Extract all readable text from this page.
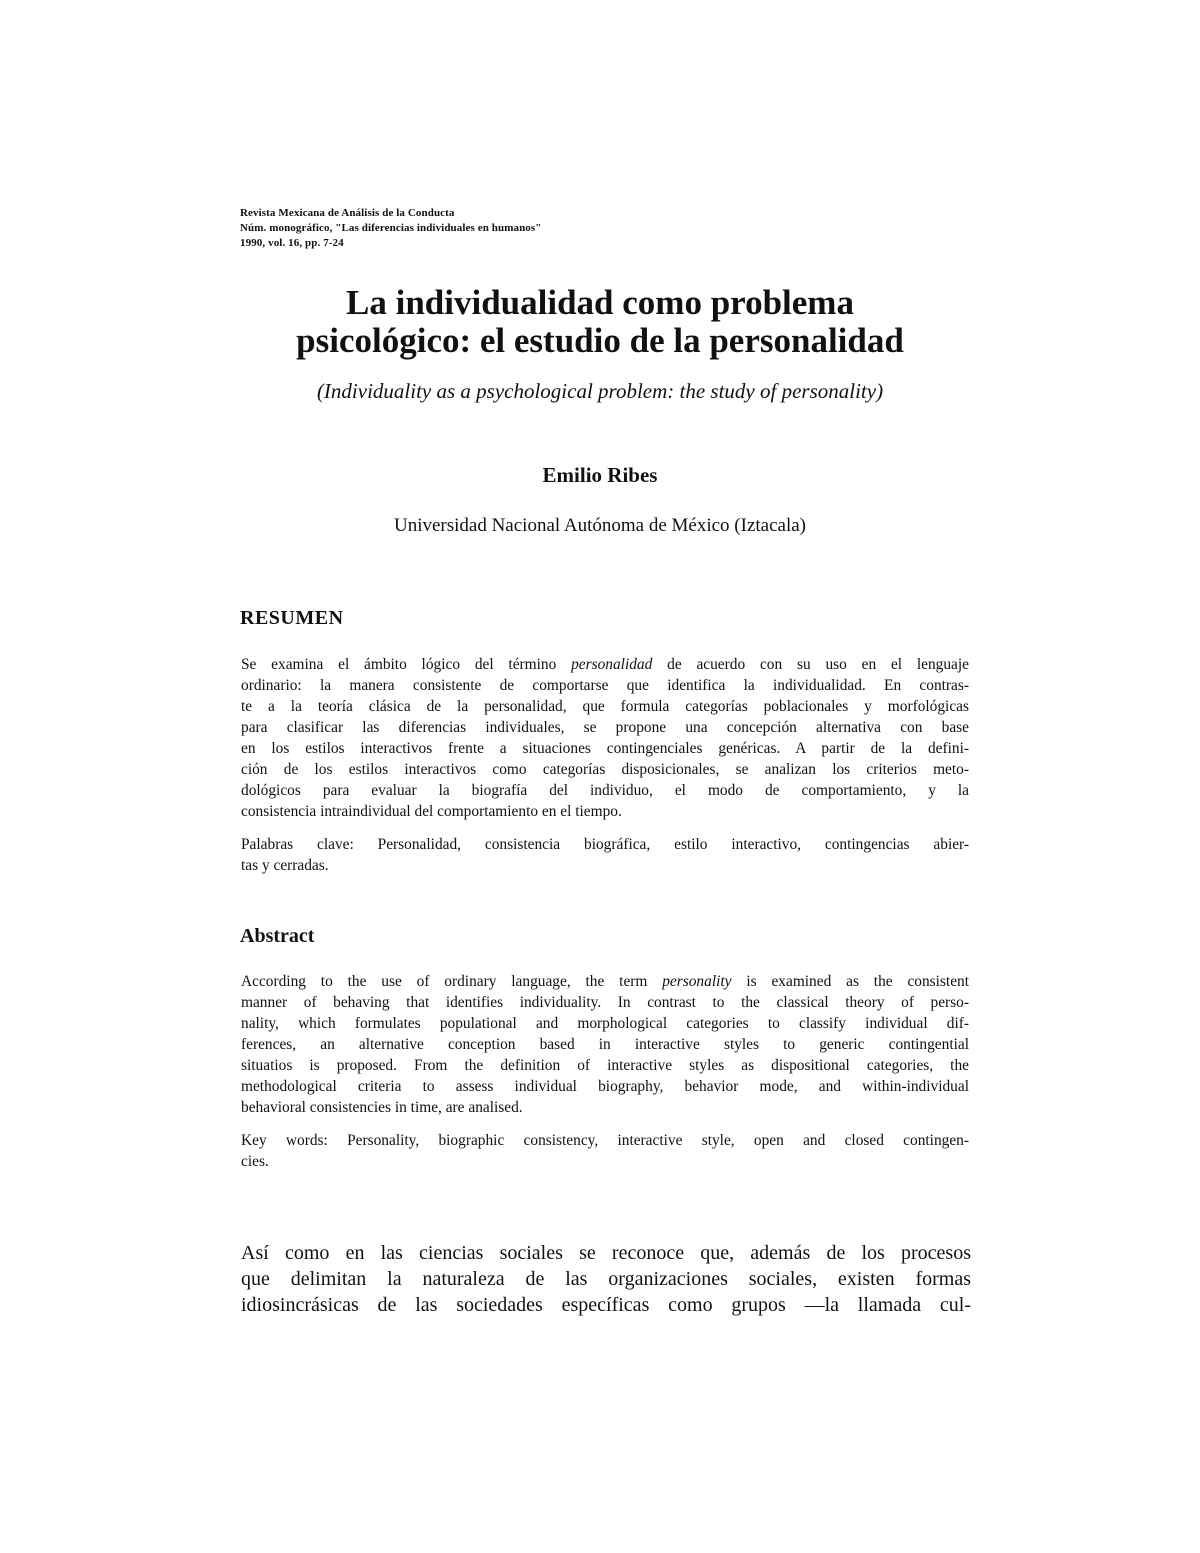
Revista Mexicana de Análisis de la Conducta
Núm. monográfico, "Las diferencias individuales en humanos"
1990, vol. 16, pp. 7-24
La individualidad como problema
psicológico: el estudio de la personalidad
(Individuality as a psychological problem: the study of personality)
Emilio Ribes
Universidad Nacional Autónoma de México (Iztacala)
RESUMEN
Se examina el ámbito lógico del término personalidad de acuerdo con su uso en el lenguaje
ordinario: la manera consistente de comportarse que identifica la individualidad. En contras-
te a la teoría clásica de la personalidad, que formula categorías poblacionales y morfológicas
para clasificar las diferencias individuales, se propone una concepción alternativa con base
en los estilos interactivos frente a situaciones contingenciales genéricas. A partir de la defini-
ción de los estilos interactivos como categorías disposicionales, se analizan los criterios meto-
dológicos para evaluar la biografía del individuo, el modo de comportamiento, y la
consistencia intraindividual del comportamiento en el tiempo.
Palabras clave: Personalidad, consistencia biográfica, estilo interactivo, contingencias abier-
tas y cerradas.
Abstract
According to the use of ordinary language, the term personality is examined as the consistent
manner of behaving that identifies individuality. In contrast to the classical theory of perso-
nality, which formulates populational and morphological categories to classify individual dif-
ferences, an alternative conception based in interactive styles to generic contingential
situatios is proposed. From the definition of interactive styles as dispositional categories, the
methodological criteria to assess individual biography, behavior mode, and within-individual
behavioral consistencies in time, are analised.
Key words: Personality, biographic consistency, interactive style, open and closed contingen-
cies.
Así como en las ciencias sociales se reconoce que, además de los procesos
que delimitan la naturaleza de las organizaciones sociales, existen formas
idiosincrásicas de las sociedades específicas como grupos —la llamada cul-
